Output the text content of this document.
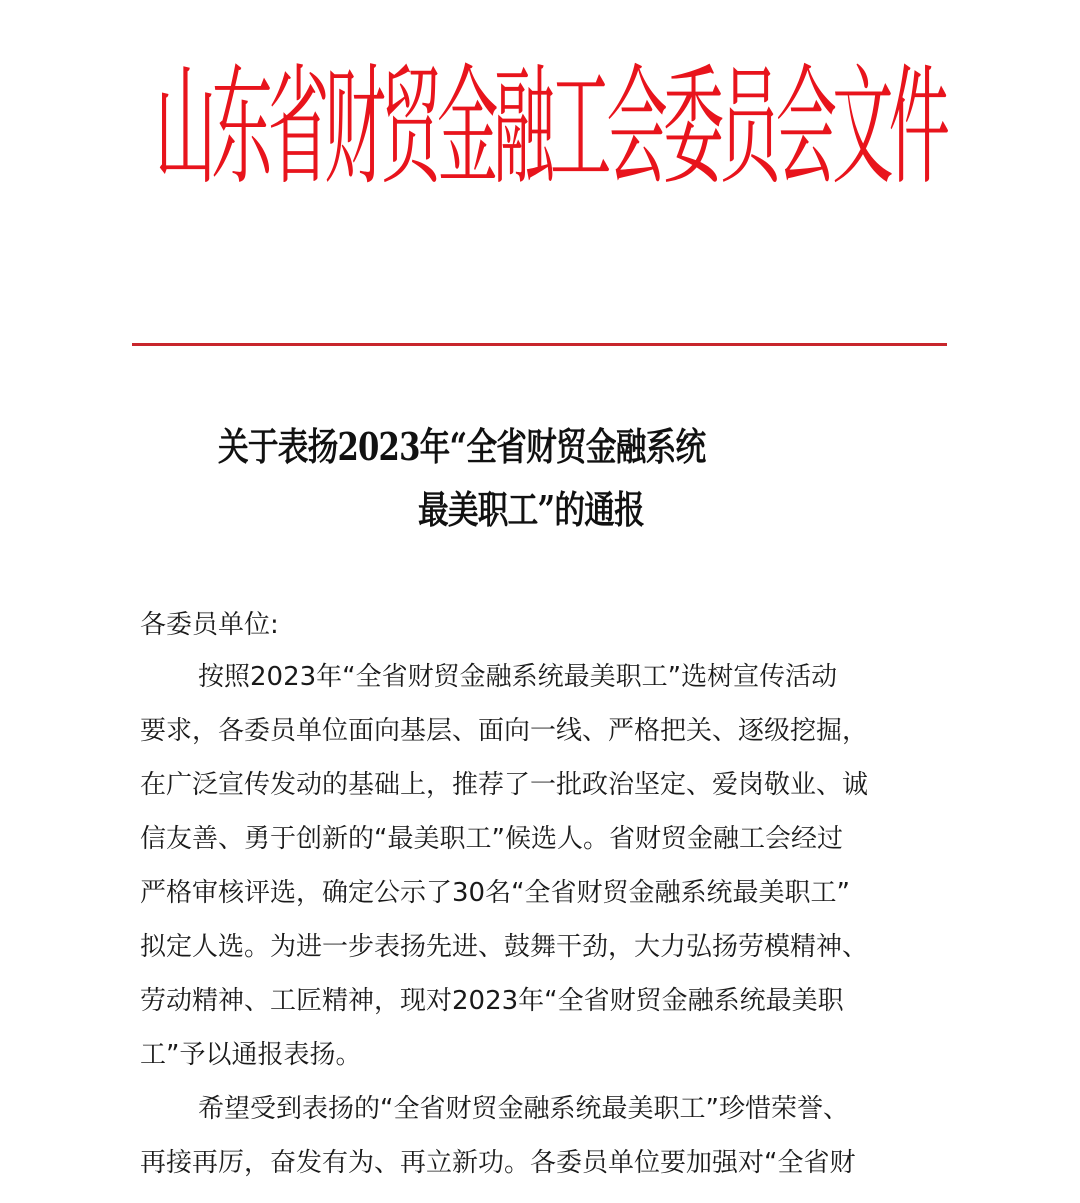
山东省财贸金融工会委员会文件
关于表扬2023年“全省财贸金融系统
最美职工”的通报
各委员单位:
按照2023年“全省财贸金融系统最美职工”选树宣传活动
要求，各委员单位面向基层、面向一线、严格把关、逐级挖掘，
在广泛宣传发动的基础上，推荐了一批政治坚定、爱岗敬业、诚
信友善、勇于创新的“最美职工”候选人。省财贸金融工会经过
严格审核评选，确定公示了30名“全省财贸金融系统最美职工”
拟定人选。为进一步表扬先进、鼓舞干劲，大力弘扬劳模精神、
劳动精神、工匠精神，现对2023年“全省财贸金融系统最美职
工”予以通报表扬。
希望受到表扬的“全省财贸金融系统最美职工”珍惜荣誉、
再接再厉，奋发有为、再立新功。各委员单位要加强对“全省财
